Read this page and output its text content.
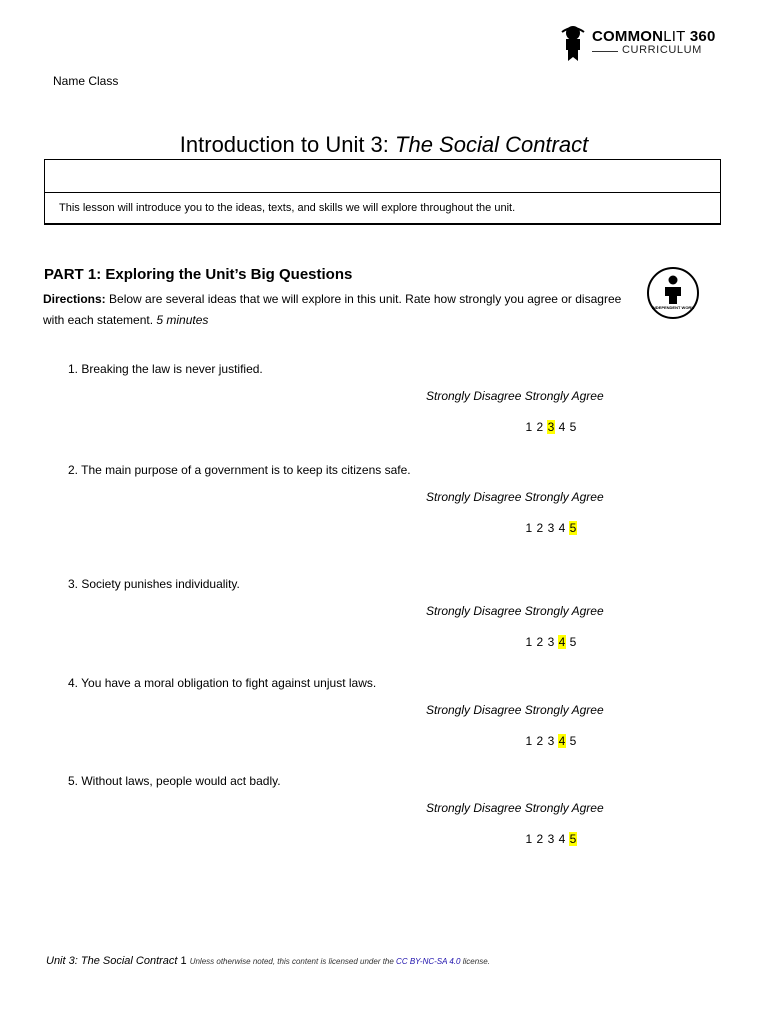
COMMONLIT 360
CURRICULUM
Name Class
Introduction to Unit 3: The Social Contract
This lesson will introduce you to the ideas, texts, and skills we will explore throughout the unit.
PART 1: Exploring the Unit’s Big Questions
Directions: Below are several ideas that we will explore in this unit. Rate how strongly you agree or disagree with each statement. 5 minutes
INDEPENDENT WORK
1. Breaking the law is never justified.
Strongly Disagree Strongly Agree
1 2 3 4 5
2. The main purpose of a government is to keep its citizens safe.
Strongly Disagree Strongly Agree
1 2 3 4 5
3. Society punishes individuality.
Strongly Disagree Strongly Agree
1 2 3 4 5
4. You have a moral obligation to fight against unjust laws.
Strongly Disagree Strongly Agree
1 2 3 4 5
5. Without laws, people would act badly.
Strongly Disagree Strongly Agree
1 2 3 4 5
Unit 3: The Social Contract 1 Unless otherwise noted, this content is licensed under the CC BY-NC-SA 4.0 license.
